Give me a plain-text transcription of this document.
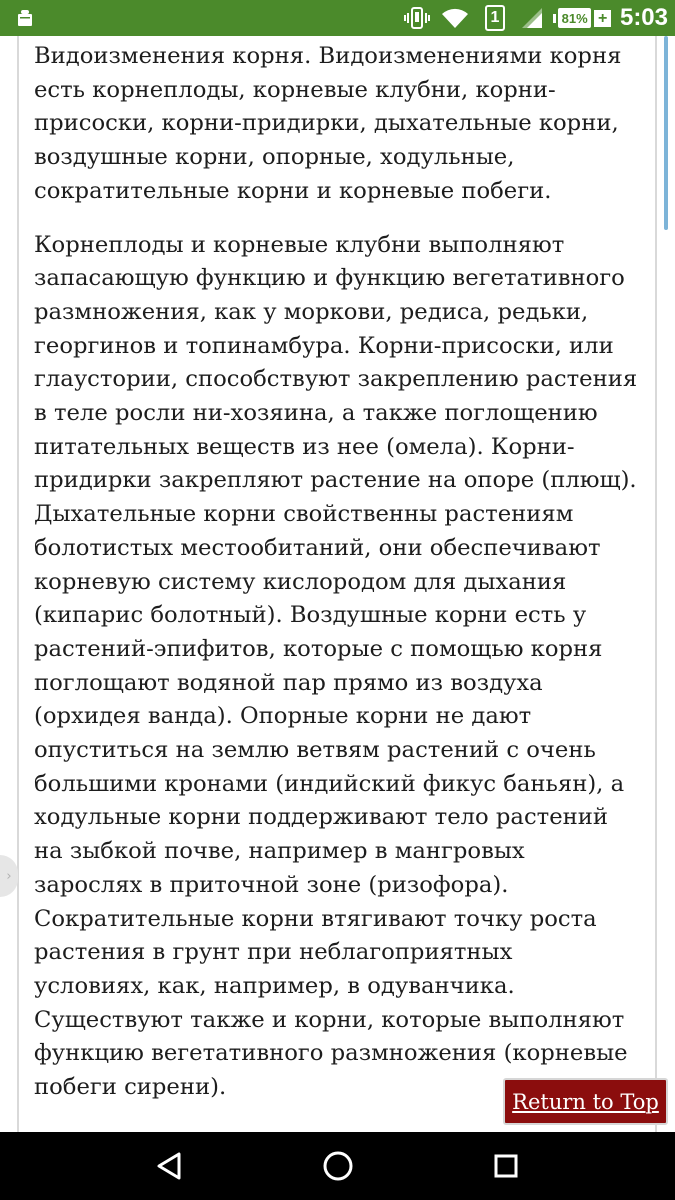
1	81% + 5:03
›

Видоизменения корня. Видоизменениями корня
есть корнеплоды, корневые клубни, корни-
присоски, корни-придирки, дыхательные корни,
воздушные корни, опорные, ходульные,
сократительные корни и корневые побеги.

Корнеплоды и корневые клубни выполняют
запасающую функцию и функцию вегетативного
размножения, как у моркови, редиса, редьки,
георгинов и топинамбура. Корни-присоски, или
глаустории, способствуют закреплению растения
в теле росли ни-хозяина, а также поглощению
питательных веществ из нее (омела). Корни-
придирки закрепляют растение на опоре (плющ).
Дыхательные корни свойственны растениям
болотистых местообитаний, они обеспечивают
корневую систему кислородом для дыхания
(кипарис болотный). Воздушные корни есть у
растений-эпифитов, которые с помощью корня
поглощают водяной пар прямо из воздуха
(орхидея ванда). Опорные корни не дают
опуститься на землю ветвям растений с очень
большими кронами (индийский фикус баньян), а
ходульные корни поддерживают тело растений
на зыбкой почве, например в мангровых
зарослях в приточной зоне (ризофора).
Сократительные корни втягивают точку роста
растения в грунт при неблагоприятных
условиях, как, например, в одуванчика.
Существуют также и корни, которые выполняют
функцию вегетативного размножения (корневые
побеги сирени).

Return to Top
